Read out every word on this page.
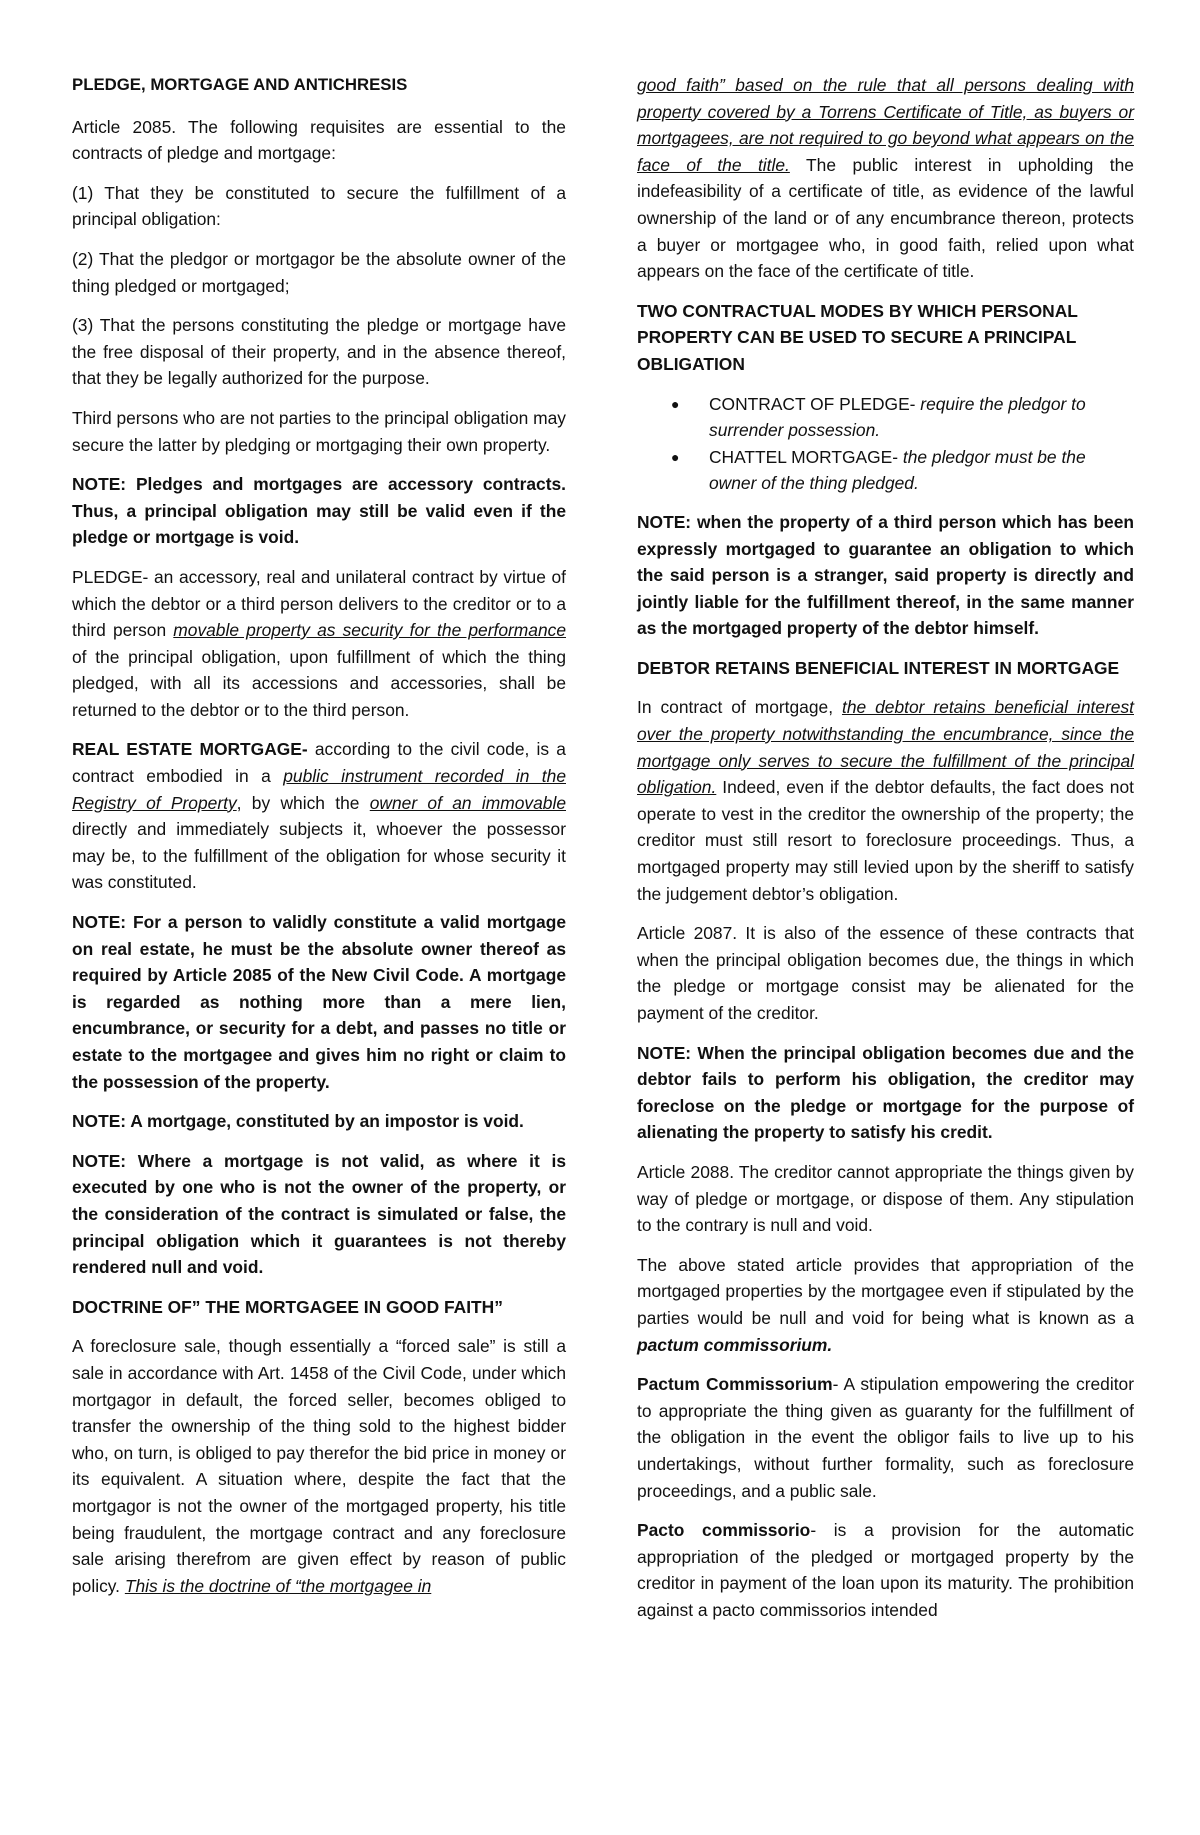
PLEDGE, MORTGAGE AND ANTICHRESIS

Article 2085. The following requisites are essential to the contracts of pledge and mortgage:

(1) That they be constituted to secure the fulfillment of a principal obligation:

(2) That the pledgor or mortgagor be the absolute owner of the thing pledged or mortgaged;

(3) That the persons constituting the pledge or mortgage have the free disposal of their property, and in the absence thereof, that they be legally authorized for the purpose.

Third persons who are not parties to the principal obligation may secure the latter by pledging or mortgaging their own property.

NOTE: Pledges and mortgages are accessory contracts. Thus, a principal obligation may still be valid even if the pledge or mortgage is void.

PLEDGE- an accessory, real and unilateral contract by virtue of which the debtor or a third person delivers to the creditor or to a third person movable property as security for the performance of the principal obligation, upon fulfillment of which the thing pledged, with all its accessions and accessories, shall be returned to the debtor or to the third person.

REAL ESTATE MORTGAGE- according to the civil code, is a contract embodied in a public instrument recorded in the Registry of Property, by which the owner of an immovable directly and immediately subjects it, whoever the possessor may be, to the fulfillment of the obligation for whose security it was constituted.

NOTE: For a person to validly constitute a valid mortgage on real estate, he must be the absolute owner thereof as required by Article 2085 of the New Civil Code. A mortgage is regarded as nothing more than a mere lien, encumbrance, or security for a debt, and passes no title or estate to the mortgagee and gives him no right or claim to the possession of the property.

NOTE: A mortgage, constituted by an impostor is void.

NOTE: Where a mortgage is not valid, as where it is executed by one who is not the owner of the property, or the consideration of the contract is simulated or false, the principal obligation which it guarantees is not thereby rendered null and void.

DOCTRINE OF” THE MORTGAGEE IN GOOD FAITH”

A foreclosure sale, though essentially a “forced sale” is still a sale in accordance with Art. 1458 of the Civil Code, under which mortgagor in default, the forced seller, becomes obliged to transfer the ownership of the thing sold to the highest bidder who, on turn, is obliged to pay therefor the bid price in money or its equivalent. A situation where, despite the fact that the mortgagor is not the owner of the mortgaged property, his title being fraudulent, the mortgage contract and any foreclosure sale arising therefrom are given effect by reason of public policy. This is the doctrine of “the mortgagee in

good faith” based on the rule that all persons dealing with property covered by a Torrens Certificate of Title, as buyers or mortgagees, are not required to go beyond what appears on the face of the title. The public interest in upholding the indefeasibility of a certificate of title, as evidence of the lawful ownership of the land or of any encumbrance thereon, protects a buyer or mortgagee who, in good faith, relied upon what appears on the face of the certificate of title.

TWO CONTRACTUAL MODES BY WHICH PERSONAL PROPERTY CAN BE USED TO SECURE A PRINCIPAL OBLIGATION

● CONTRACT OF PLEDGE- require the pledgor to surrender possession.
● CHATTEL MORTGAGE- the pledgor must be the owner of the thing pledged.

NOTE: when the property of a third person which has been expressly mortgaged to guarantee an obligation to which the said person is a stranger, said property is directly and jointly liable for the fulfillment thereof, in the same manner as the mortgaged property of the debtor himself.

DEBTOR RETAINS BENEFICIAL INTEREST IN MORTGAGE

In contract of mortgage, the debtor retains beneficial interest over the property notwithstanding the encumbrance, since the mortgage only serves to secure the fulfillment of the principal obligation. Indeed, even if the debtor defaults, the fact does not operate to vest in the creditor the ownership of the property; the creditor must still resort to foreclosure proceedings. Thus, a mortgaged property may still levied upon by the sheriff to satisfy the judgement debtor’s obligation.

Article 2087. It is also of the essence of these contracts that when the principal obligation becomes due, the things in which the pledge or mortgage consist may be alienated for the payment of the creditor.

NOTE: When the principal obligation becomes due and the debtor fails to perform his obligation, the creditor may foreclose on the pledge or mortgage for the purpose of alienating the property to satisfy his credit.

Article 2088. The creditor cannot appropriate the things given by way of pledge or mortgage, or dispose of them. Any stipulation to the contrary is null and void.

The above stated article provides that appropriation of the mortgaged properties by the mortgagee even if stipulated by the parties would be null and void for being what is known as a pactum commissorium.

Pactum Commissorium- A stipulation empowering the creditor to appropriate the thing given as guaranty for the fulfillment of the obligation in the event the obligor fails to live up to his undertakings, without further formality, such as foreclosure proceedings, and a public sale.

Pacto commissorio- is a provision for the automatic appropriation of the pledged or mortgaged property by the creditor in payment of the loan upon its maturity. The prohibition against a pacto commissorios intended
